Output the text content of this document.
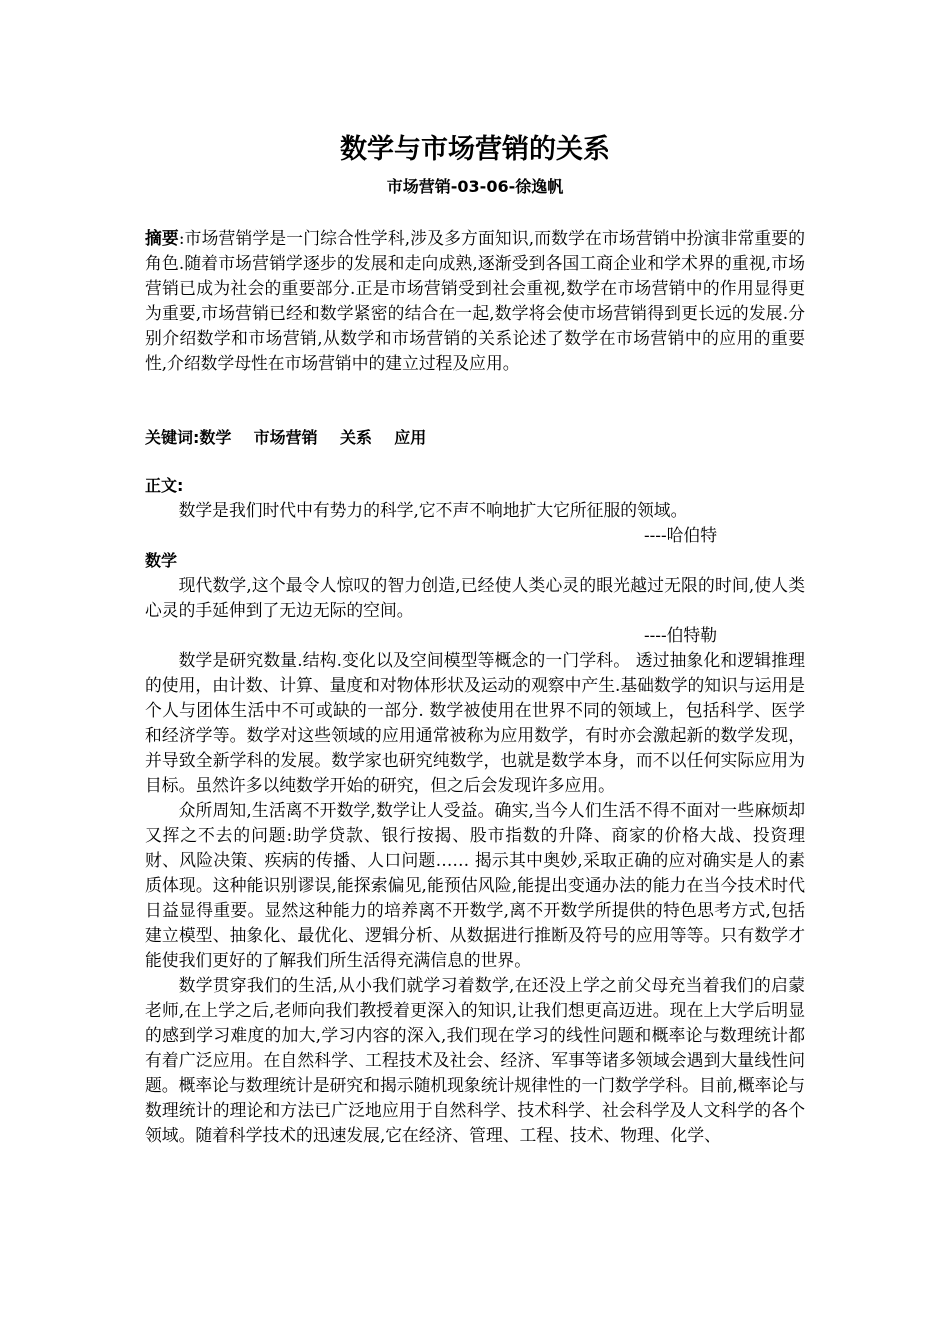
数学与市场营销的关系
市场营销-03-06-徐逸帆
摘要:市场营销学是一门综合性学科,涉及多方面知识,而数学在市场营销中扮演非常重要的角色.随着市场营销学逐步的发展和走向成熟,逐渐受到各国工商企业和学术界的重视,市场营销已成为社会的重要部分.正是市场营销受到社会重视,数学在市场营销中的作用显得更为重要,市场营销已经和数学紧密的结合在一起,数学将会使市场营销得到更长远的发展.分别介绍数学和市场营销,从数学和市场营销的关系论述了数学在市场营销中的应用的重要性,介绍数学母性在市场营销中的建立过程及应用。
关键词:数学    市场营销    关系    应用
正文:

数学是我们时代中有势力的科学,它不声不响地扩大它所征服的领域。

----哈伯特

数学

现代数学,这个最令人惊叹的智力创造,已经使人类心灵的眼光越过无限的时间,使人类心灵的手延伸到了无边无际的空间。

----伯特勒

数学是研究数量.结构.变化以及空间模型等概念的一门学科。 透过抽象化和逻辑推理的使用，由计数、计算、量度和对物体形状及运动的观察中产生.基础数学的知识与运用是个人与团体生活中不可或缺的一部分. 数学被使用在世界不同的领域上，包括科学、医学和经济学等。数学对这些领域的应用通常被称为应用数学，有时亦会激起新的数学发现，并导致全新学科的发展。数学家也研究纯数学，也就是数学本身，而不以任何实际应用为目标。虽然许多以纯数学开始的研究，但之后会发现许多应用。

众所周知,生活离不开数学,数学让人受益。确实,当今人们生活不得不面对一些麻烦却又挥之不去的问题:助学贷款、银行按揭、股市指数的升降、商家的价格大战、投资理财、风险决策、疾病的传播、人口问题…… 揭示其中奥妙,采取正确的应对确实是人的素质体现。这种能识别谬误,能探索偏见,能预估风险,能提出变通办法的能力在当今技术时代日益显得重要。显然这种能力的培养离不开数学,离不开数学所提供的特色思考方式,包括建立模型、抽象化、最优化、逻辑分析、从数据进行推断及符号的应用等等。只有数学才能使我们更好的了解我们所生活得充满信息的世界。

数学贯穿我们的生活,从小我们就学习着数学,在还没上学之前父母充当着我们的启蒙老师,在上学之后,老师向我们教授着更深入的知识,让我们想更高迈进。现在上大学后明显的感到学习难度的加大,学习内容的深入,我们现在学习的线性问题和概率论与数理统计都有着广泛应用。在自然科学、工程技术及社会、经济、军事等诸多领域会遇到大量线性问题。概率论与数理统计是研究和揭示随机现象统计规律性的一门数学学科。目前,概率论与数理统计的理论和方法已广泛地应用于自然科学、技术科学、社会科学及人文科学的各个领域。随着科学技术的迅速发展,它在经济、管理、工程、技术、物理、化学、
